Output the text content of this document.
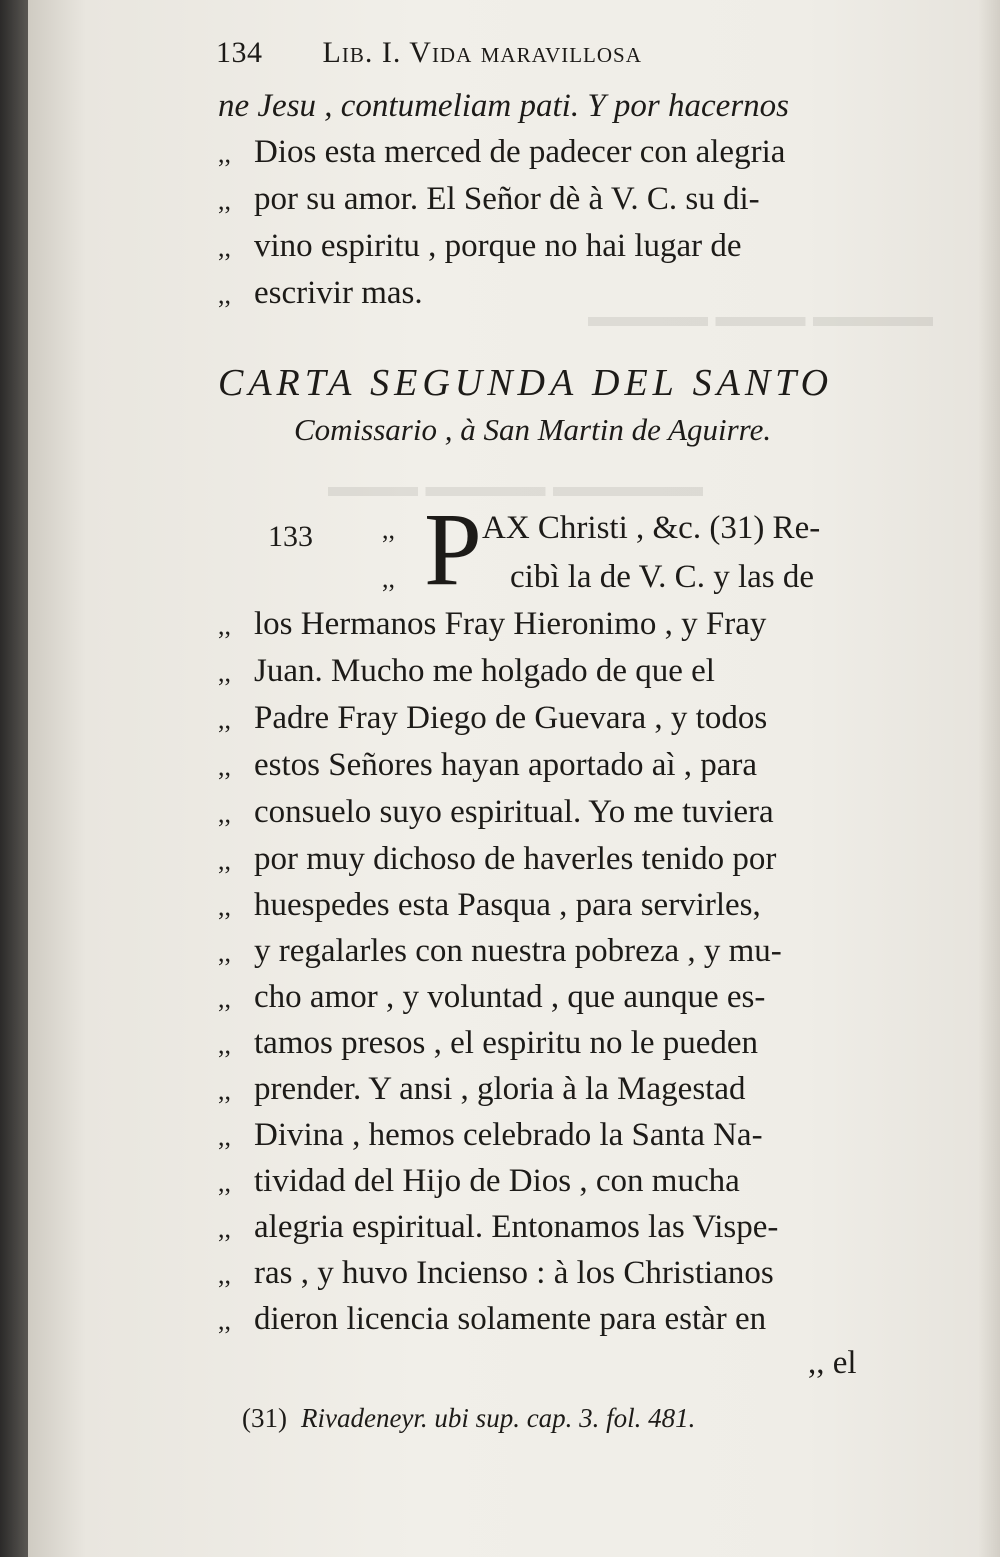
▬▬▬▬ ▬▬▬ ▬▬▬▬
▬▬▬▬▬ ▬▬▬▬ ▬▬▬
134 Lib. I. Vida maravillosa
ne Jesu , contumeliam pati. Y por hacernos
,, Dios esta merced de padecer con alegria
,, por su amor. El Señor dè à V. C. su di-
,, vino espiritu , porque no hai lugar de
,, escrivir mas.
CARTA SEGUNDA DEL SANTO
Comissario , à San Martin de Aguirre.
133 P
,,	AX Christi , &c. (31) Re-
,,	cibì la de V. C. y las de
,, los Hermanos Fray Hieronimo , y Fray
,, Juan. Mucho me holgado de que el
,, Padre Fray Diego de Guevara , y todos
,, estos Señores hayan aportado aì , para
,, consuelo suyo espiritual. Yo me tuviera
,, por muy dichoso de haverles tenido por
,, huespedes esta Pasqua , para servirles,
,, y regalarles con nuestra pobreza , y mu-
,, cho amor , y voluntad , que aunque es-
,, tamos presos , el espiritu no le pueden
,, prender. Y ansi , gloria à la Magestad
,, Divina , hemos celebrado la Santa Na-
,, tividad del Hijo de Dios , con mucha
,, alegria espiritual. Entonamos las Vispe-
,, ras , y huvo Incienso : à los Christianos
,, dieron licencia solamente para estàr en
,, el
(31) Rivadeneyr. ubi sup. cap. 3. fol. 481.
